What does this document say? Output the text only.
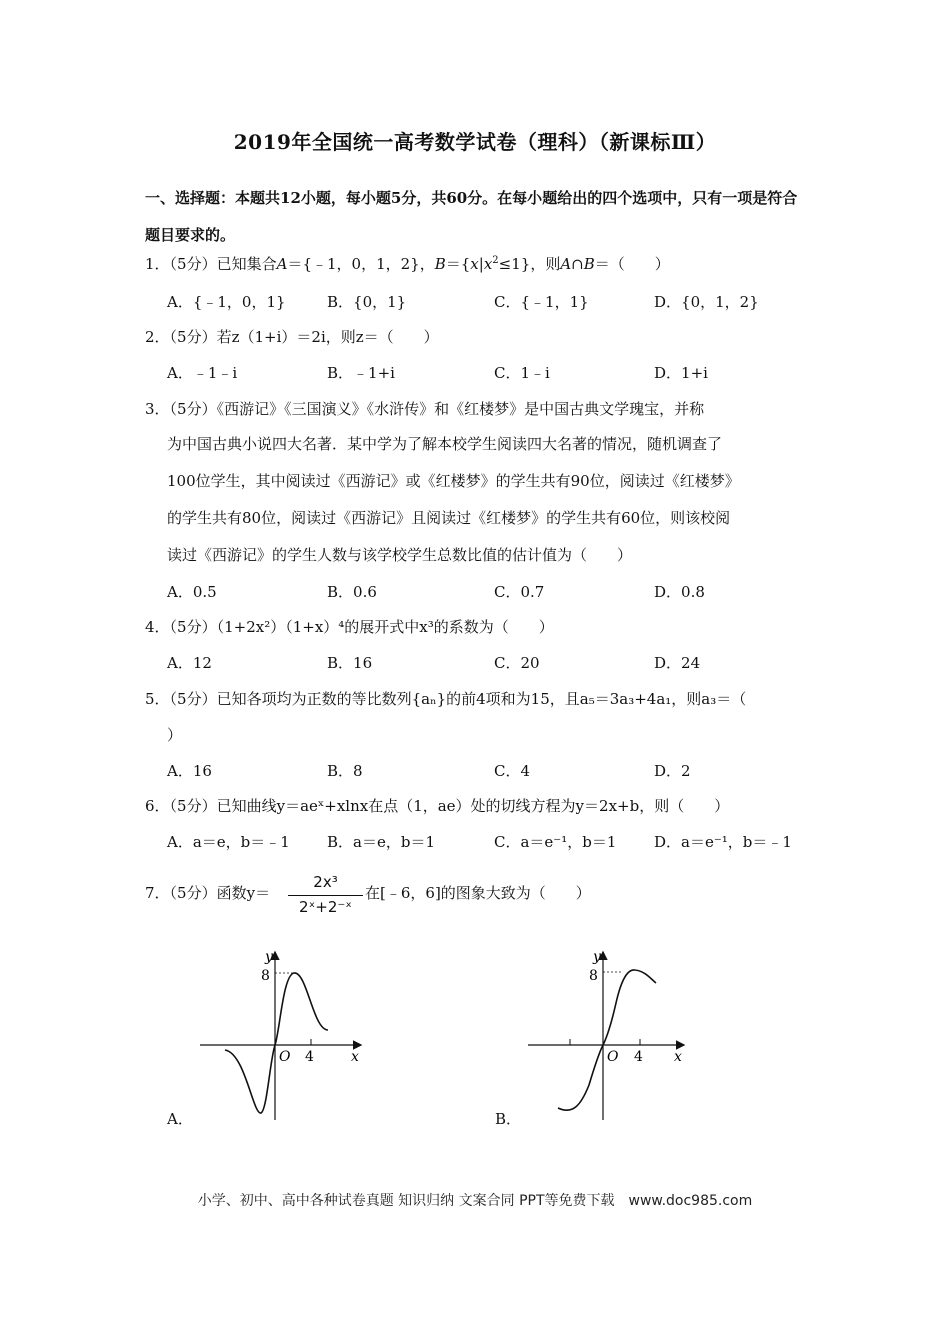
2019年全国统一高考数学试卷（理科）（新课标Ⅲ）
一、选择题：本题共12小题，每小题5分，共60分。在每小题给出的四个选项中，只有一项是符合题目要求的。
1．（5分）已知集合A＝{﹣1，0，1，2}，$B=\{x|x^2\le 1\}$，则A∩B＝（　　）
A．{﹣1，0，1}	B．{0，1}	C．{﹣1，1}	D．{0，1，2}
2．（5分）若z（1+i）＝2i，则z＝（　　）
A．﹣1﹣i	B．﹣1+i	C．1﹣i	D．1+i
3．（5分）《西游记》《三国演义》《水浒传》和《红楼梦》是中国古典文学瑰宝，并称
为中国古典小说四大名著．某中学为了解本校学生阅读四大名著的情况，随机调查了
100位学生，其中阅读过《西游记》或《红楼梦》的学生共有90位，阅读过《红楼梦》
的学生共有80位，阅读过《西游记》且阅读过《红楼梦》的学生共有60位，则该校阅
读过《西游记》的学生人数与该学校学生总数比值的估计值为（　　）
A．0.5	B．0.6	C．0.7	D．0.8
4．（5分）（1+2x²）（1+x）⁴的展开式中x³的系数为（　　）
A．12	B．16	C．20	D．24
5．（5分）已知各项均为正数的等比数列{aₙ}的前4项和为15，且a₅＝3a₃+4a₁，则a₃＝（
）
A．16	B．8	C．4	D．2
6．（5分）已知曲线y＝aeˣ+xlnx在点（1，ae）处的切线方程为y＝2x+b，则（　　）
A．a＝e，b＝﹣1 B．a＝e，b＝1	C．a＝e⁻¹，b＝1	D．a＝e⁻¹，b＝﹣1
7．（5分）函数y＝
2x³
2ˣ+2⁻ˣ
在[﹣6，6]的图象大致为（　　）
8
4
O	x
y
A．
8
4
O	x
y
B．
小学、初中、高中各种试卷真题 知识归纳 文案合同 PPT等免费下载　www.doc985.com
